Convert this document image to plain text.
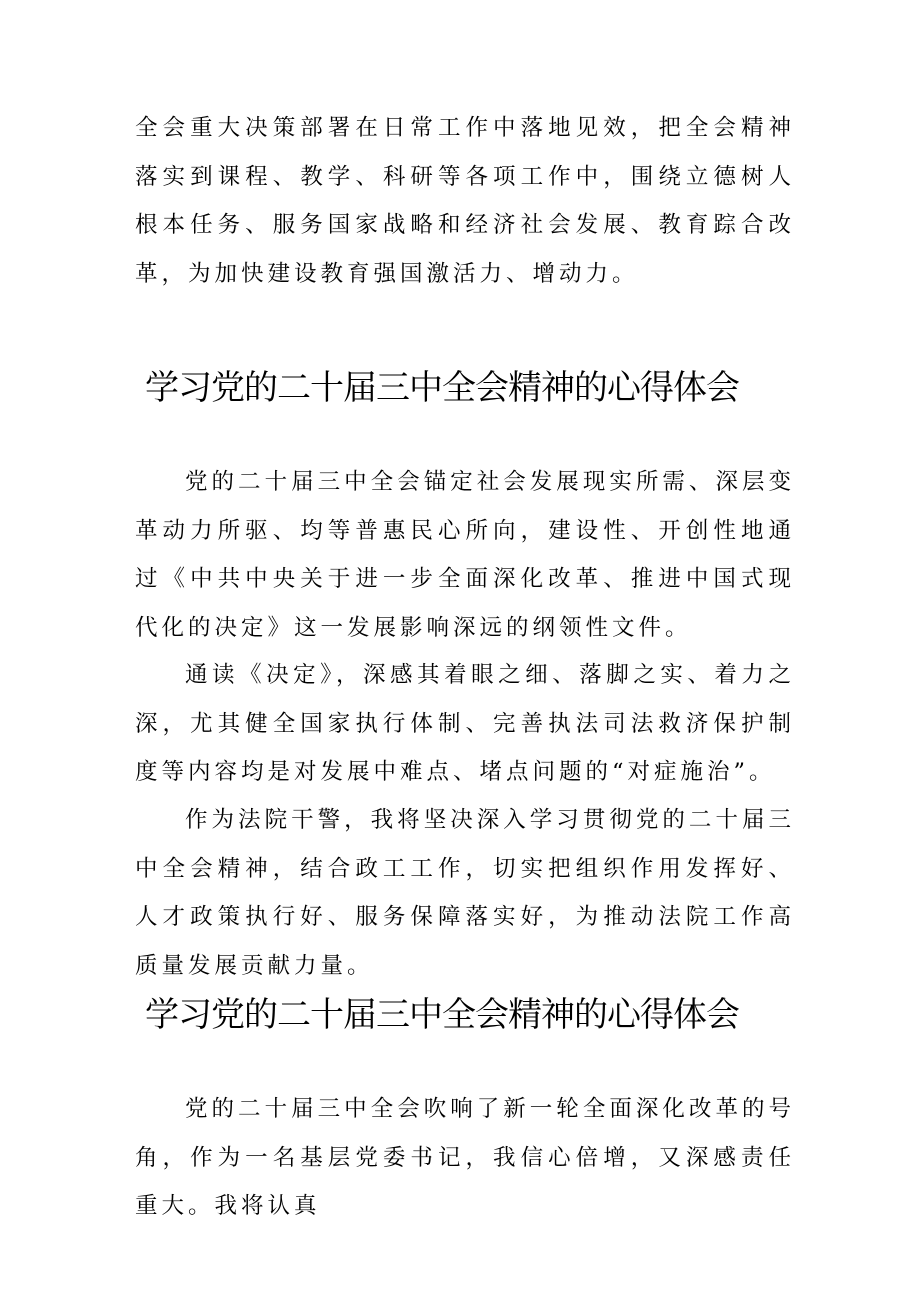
全会重大决策部署在日常工作中落地见效，把全会精神落实到课程、教学、科研等各项工作中，围绕立德树人根本任务、服务国家战略和经济社会发展、教育踪合改革，为加快建设教育强国激活力、增动力。

学习党的二十届三中全会精神的心得体会

党的二十届三中全会锚定社会发展现实所需、深层变革动力所驱、均等普惠民心所向，建设性、开创性地通过《中共中央关于进一步全面深化改革、推进中国式现代化的决定》这一发展影响深远的纲领性文件。

通读《决定》，深感其着眼之细、落脚之实、着力之深，尤其健全国家执行体制、完善执法司法救济保护制度等内容均是对发展中难点、堵点问题的“对症施治”。

作为法院干警，我将坚决深入学习贯彻党的二十届三中全会精神，结合政工工作，切实把组织作用发挥好、人才政策执行好、服务保障落实好，为推动法院工作高质量发展贡献力量。

学习党的二十届三中全会精神的心得体会

党的二十届三中全会吹响了新一轮全面深化改革的号角，作为一名基层党委书记，我信心倍增，又深感责任重大。我将认真
